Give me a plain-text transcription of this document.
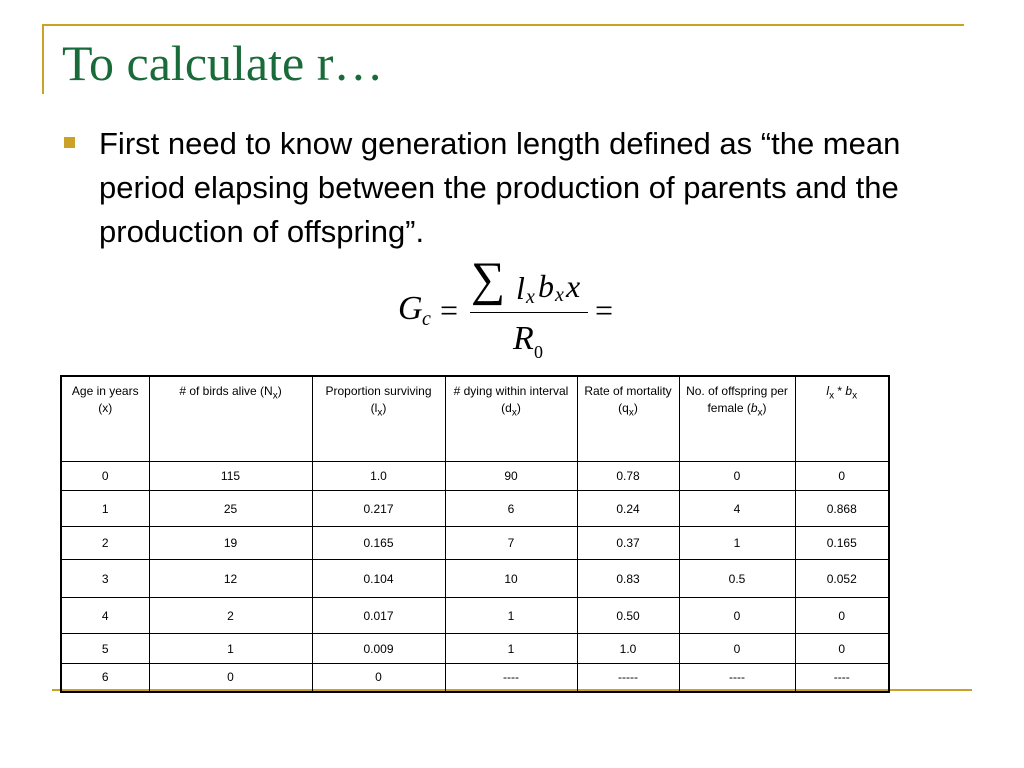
To calculate r…

First need to know generation length defined as “the mean period elapsing between the production of parents and the production of offspring”.

G c =
∑ l x b x x
R 0
=
Age in years (x)	# of birds alive $(N_x)$	Proportion surviving $(l_x)$	# dying within interval $(d_x)$	Rate of mortality $(q_x)$	No. of offspring per female $(b_x)$	$l_x * b_x$
0	115	1.0	90	0.78	0	0
1	25	0.217	6	0.24	4	0.868
2	19	0.165	7	0.37	1	0.165
3	12	0.104	10	0.83	0.5	0.052
4	2	0.017	1	0.50	0	0
5	1	0.009	1	1.0	0	0
6	0	0	----	-----	----	----
